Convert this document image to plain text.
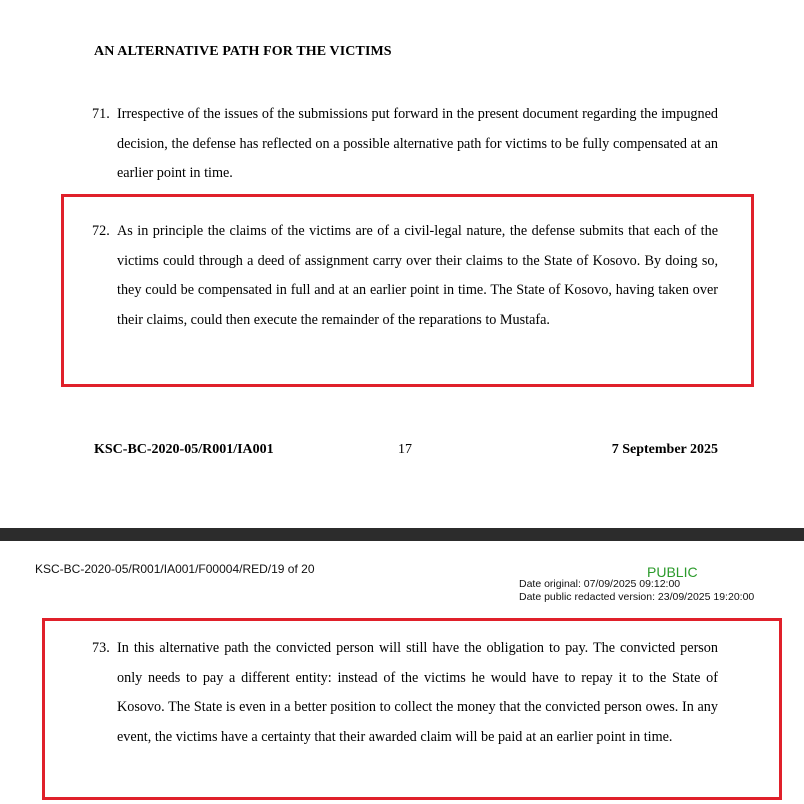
AN ALTERNATIVE PATH FOR THE VICTIMS
71. Irrespective of the issues of the submissions put forward in the present document regarding the impugned decision, the defense has reflected on a possible alternative path for victims to be fully compensated at an earlier point in time.
72. As in principle the claims of the victims are of a civil-legal nature, the defense submits that each of the victims could through a deed of assignment carry over their claims to the State of Kosovo. By doing so, they could be compensated in full and at an earlier point in time. The State of Kosovo, having taken over their claims, could then execute the remainder of the reparations to Mustafa.
KSC-BC-2020-05/R001/IA001	17	7 September 2025
KSC-BC-2020-05/R001/IA001/F00004/RED/19 of 20	PUBLIC
Date original: 07/09/2025 09:12:00
Date public redacted version: 23/09/2025 19:20:00
73. In this alternative path the convicted person will still have the obligation to pay. The convicted person only needs to pay a different entity: instead of the victims he would have to repay it to the State of Kosovo. The State is even in a better position to collect the money that the convicted person owes. In any event, the victims have a certainty that their awarded claim will be paid at an earlier point in time.
